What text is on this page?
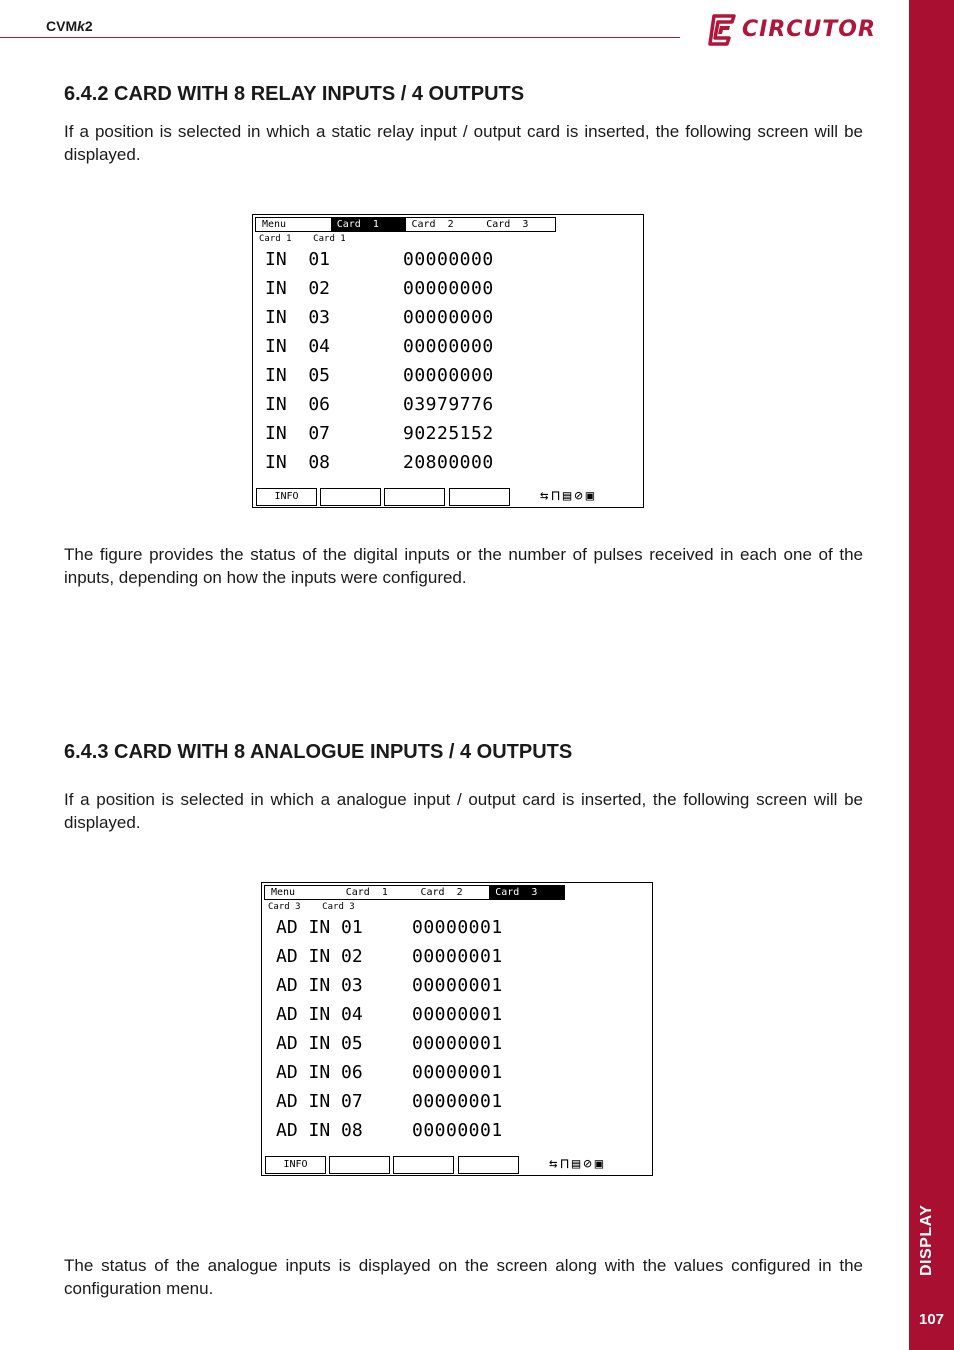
CVMk2	CIRCUTOR
DISPLAY
107
6.4.2 CARD WITH 8 RELAY INPUTS / 4 OUTPUTS

If a position is selected in which a static relay input / output card is inserted, the following screen will be displayed.

Menu	Card  1	Card  2	Card  3
Card 1    Card 1
IN  01	00000000
IN  02	00000000
IN  03	00000000
IN  04	00000000
IN  05	00000000
IN  06	03979776
IN  07	90225152
IN  08	20800000
INFO	⇆ ⊓ ▤ ⊘ ▣

The figure provides the status of the digital inputs or the number of pulses received in each one of the inputs, depending on how the inputs were configured.

6.4.3 CARD WITH 8 ANALOGUE INPUTS / 4 OUTPUTS

If a position is selected in which a analogue input / output card is inserted, the following screen will be displayed.

Menu	Card  1	Card  2	Card  3
Card 3    Card 3
AD IN 01	00000001
AD IN 02	00000001
AD IN 03	00000001
AD IN 04	00000001
AD IN 05	00000001
AD IN 06	00000001
AD IN 07	00000001
AD IN 08	00000001
INFO	⇆ ⊓ ▤ ⊘ ▣

The status of the analogue inputs is displayed on the screen along with the values configured in the configuration menu.
